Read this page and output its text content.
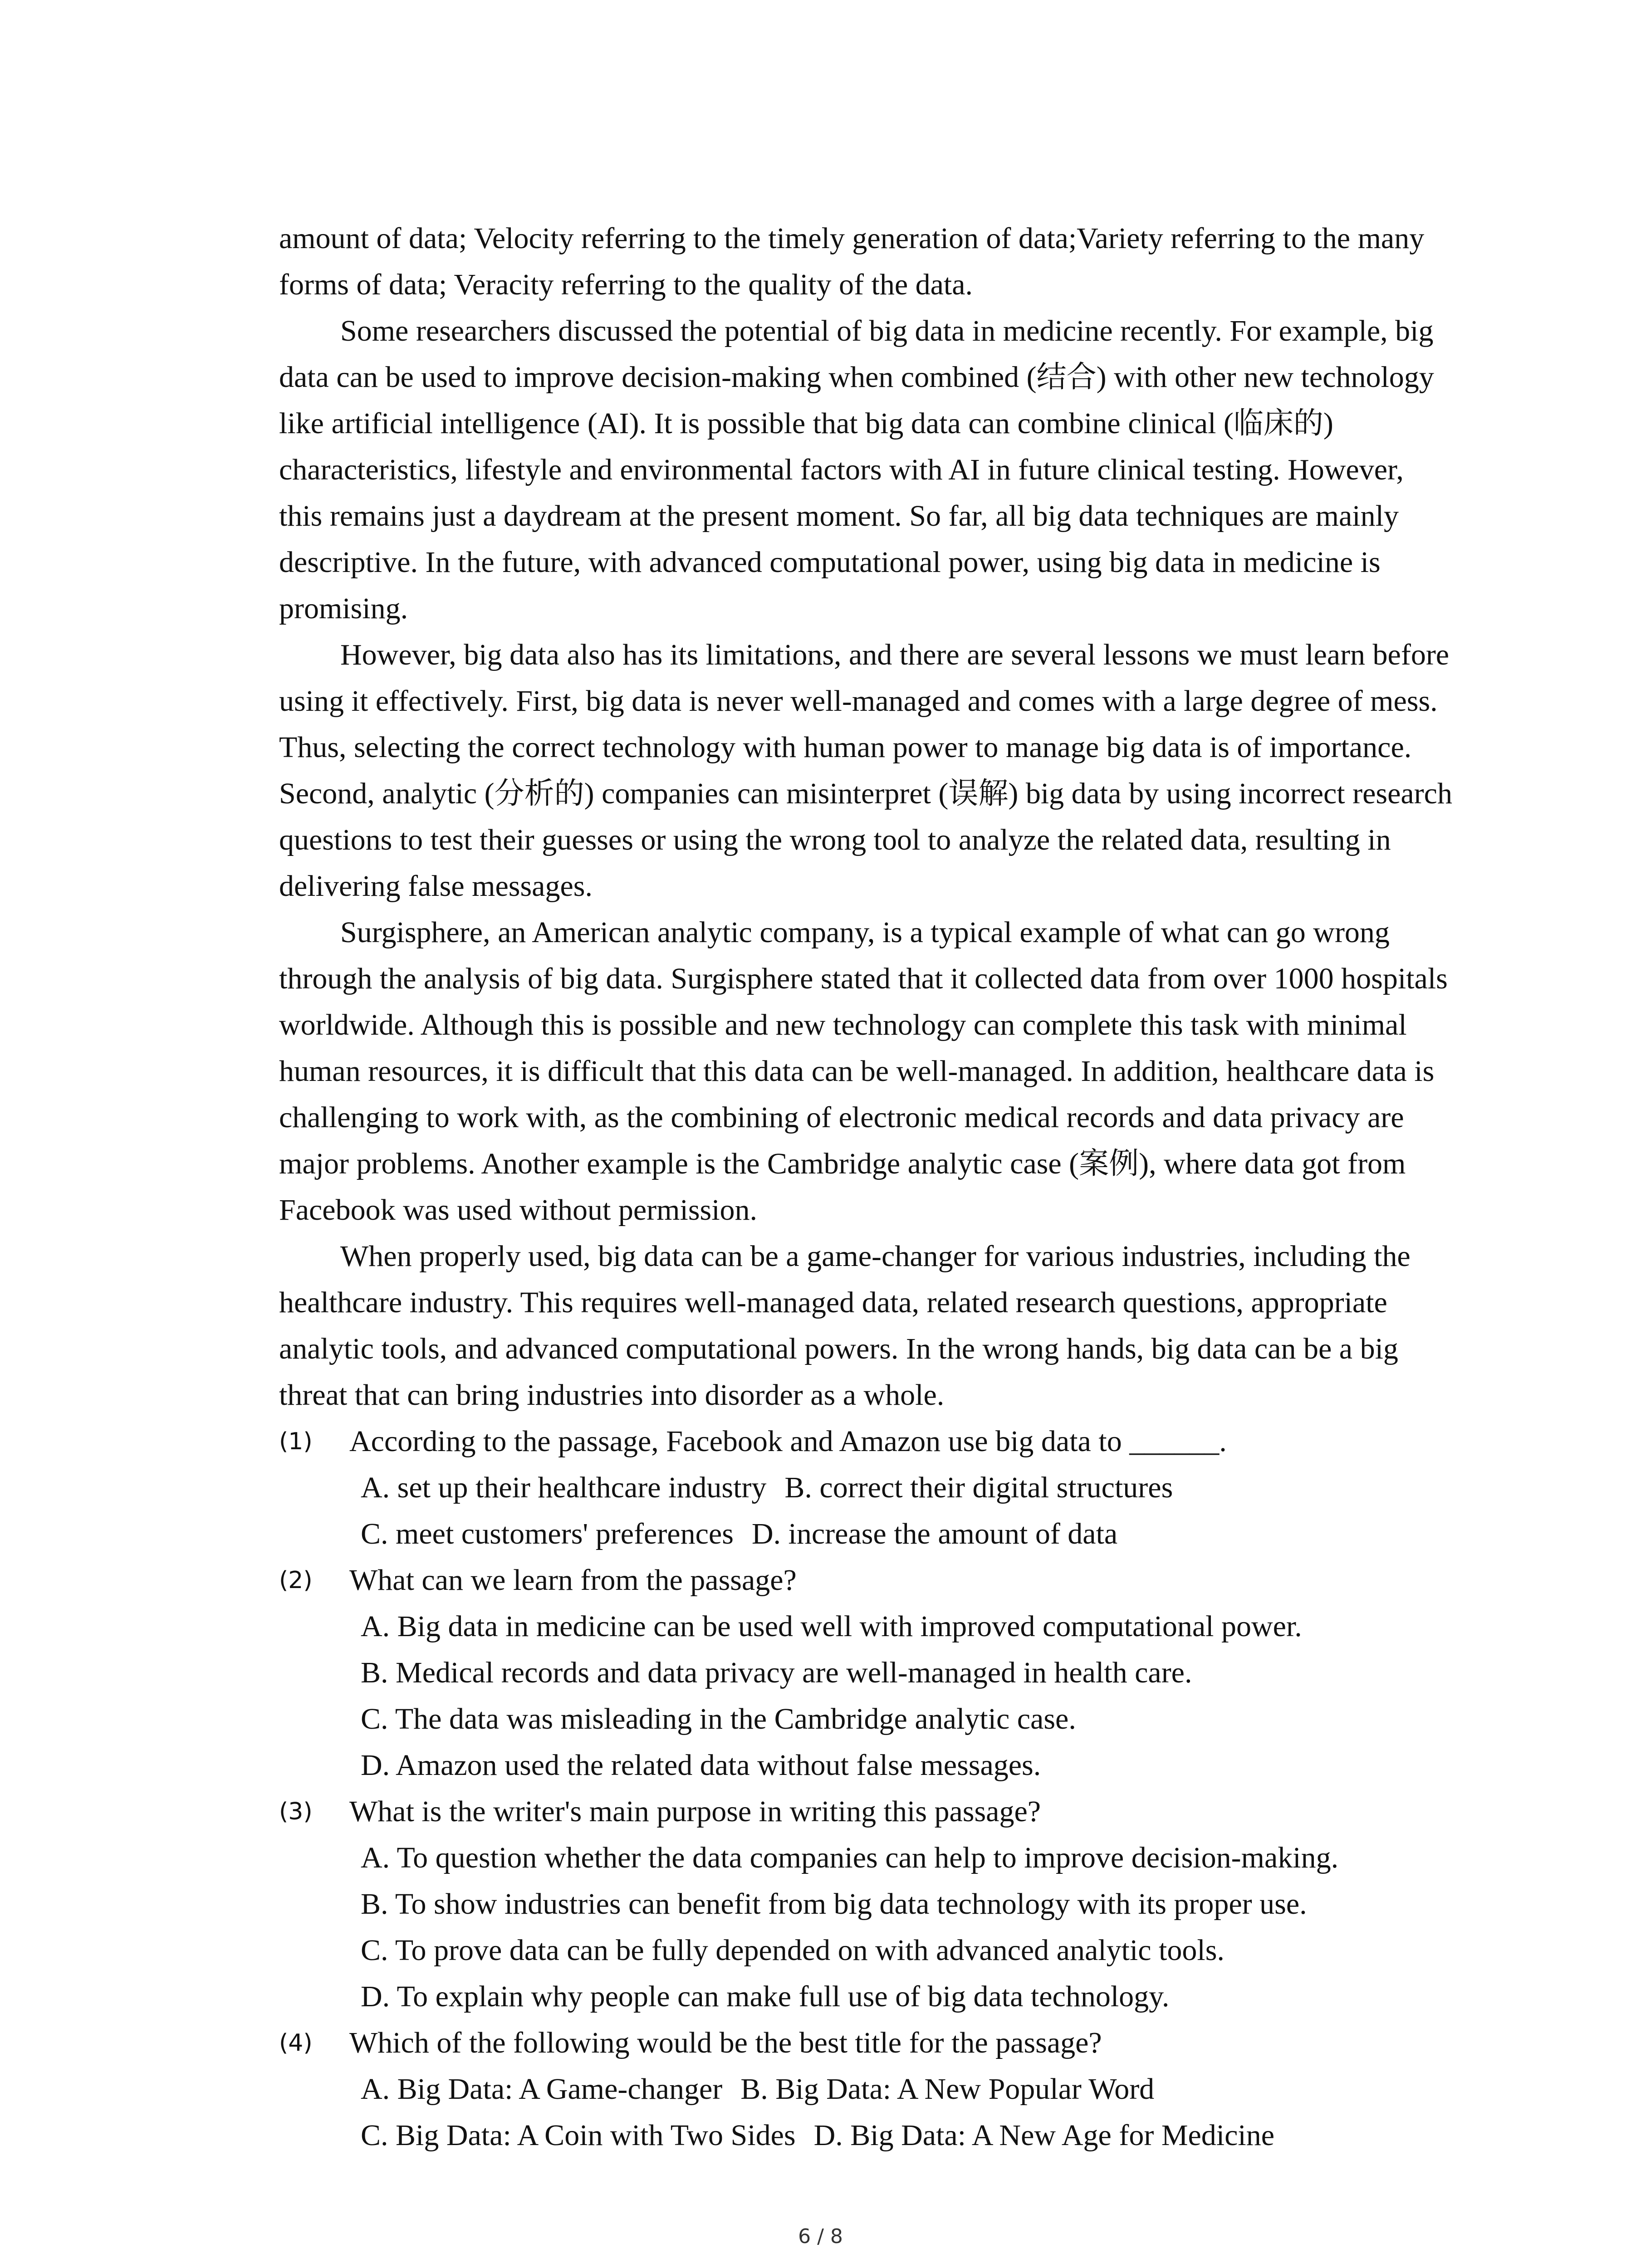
amount of data; Velocity referring to the timely generation of data;Variety referring to the many forms of data; Veracity referring to the quality of the data.

Some researchers discussed the potential of big data in medicine recently. For example, big data can be used to improve decision-making when combined (结合) with other new technology like artificial intelligence (AI). It is possible that big data can combine clinical (临床的) characteristics, lifestyle and environmental factors with AI in future clinical testing. However, this remains just a daydream at the present moment. So far, all big data techniques are mainly descriptive. In the future, with advanced computational power, using big data in medicine is promising.

However, big data also has its limitations, and there are several lessons we must learn before using it effectively. First, big data is never well-managed and comes with a large degree of mess. Thus, selecting the correct technology with human power to manage big data is of importance. Second, analytic (分析的) companies can misinterpret (误解) big data by using incorrect research questions to test their guesses or using the wrong tool to analyze the related data, resulting in delivering false messages.

Surgisphere, an American analytic company, is a typical example of what can go wrong through the analysis of big data. Surgisphere stated that it collected data from over 1000 hospitals worldwide. Although this is possible and new technology can complete this task with minimal human resources, it is difficult that this data can be well-managed. In addition, healthcare data is challenging to work with, as the combining of electronic medical records and data privacy are major problems. Another example is the Cambridge analytic case (案例), where data got from Facebook was used without permission.

When properly used, big data can be a game-changer for various industries, including the healthcare industry. This requires well-managed data, related research questions, appropriate analytic tools, and advanced computational powers. In the wrong hands, big data can be a big threat that can bring industries into disorder as a whole.

(1)	According to the passage, Facebook and Amazon use big data to ______.
A. set up their healthcare industry B. correct their digital structures
C. meet customers' preferences D. increase the amount of data
(2)	What can we learn from the passage?
A. Big data in medicine can be used well with improved computational power.
B. Medical records and data privacy are well-managed in health care.
C. The data was misleading in the Cambridge analytic case.
D. Amazon used the related data without false messages.
(3)	What is the writer's main purpose in writing this passage?
A. To question whether the data companies can help to improve decision-making.
B. To show industries can benefit from big data technology with its proper use.
C. To prove data can be fully depended on with advanced analytic tools.
D. To explain why people can make full use of big data technology.
(4)	Which of the following would be the best title for the passage?
A. Big Data: A Game-changer B. Big Data: A New Popular Word
C. Big Data: A Coin with Two Sides D. Big Data: A New Age for Medicine
6 / 8
